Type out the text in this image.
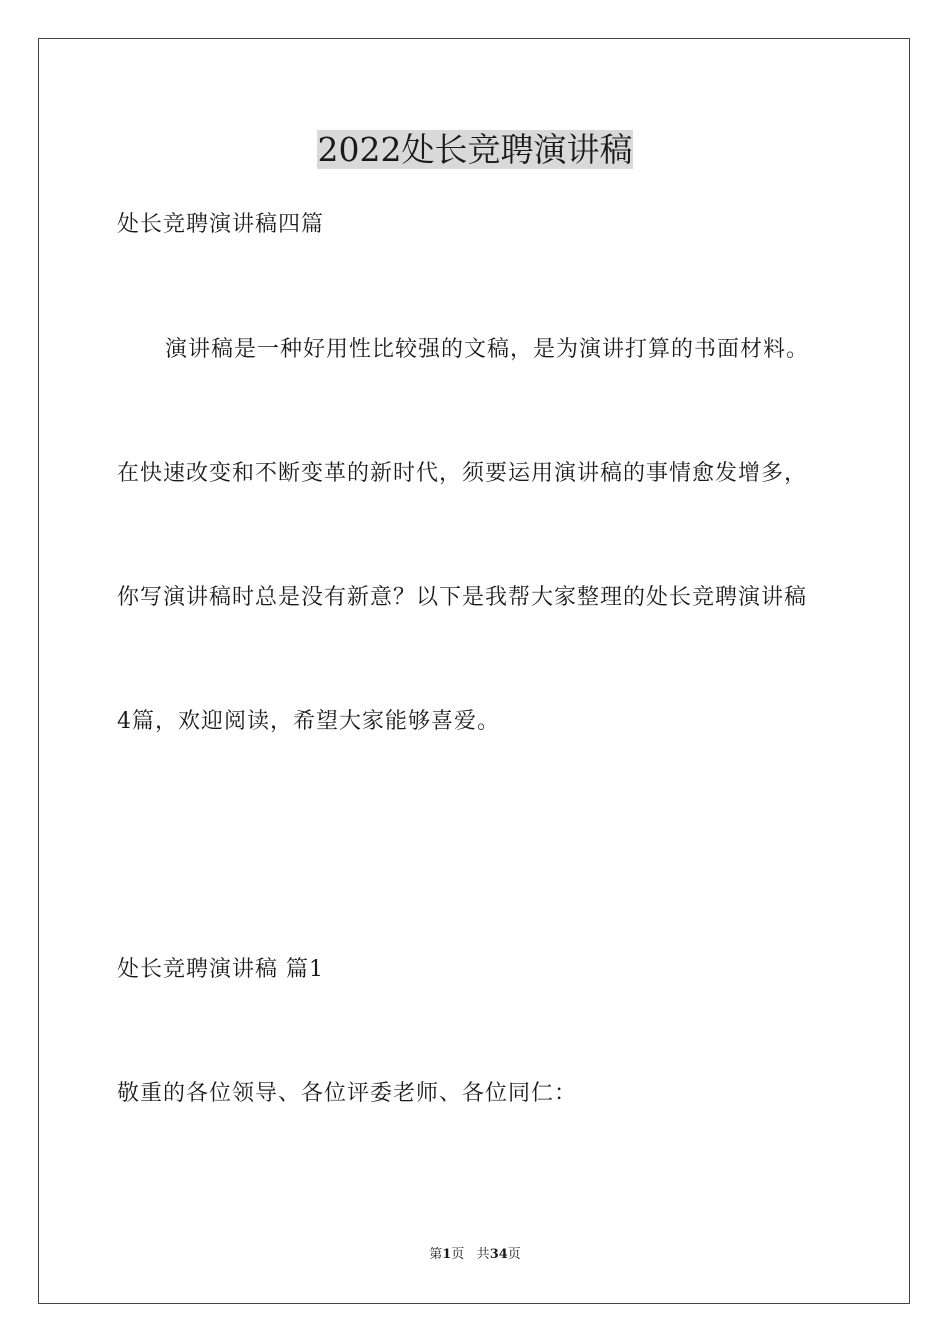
2022处长竞聘演讲稿

处长竞聘演讲稿四篇

演讲稿是一种好用性比较强的文稿，是为演讲打算的书面材料。

在快速改变和不断变革的新时代，须要运用演讲稿的事情愈发增多，

你写演讲稿时总是没有新意？以下是我帮大家整理的处长竞聘演讲稿

4篇，欢迎阅读，希望大家能够喜爱。

处长竞聘演讲稿 篇1

敬重的各位领导、各位评委老师、各位同仁：

第1页 共34页
